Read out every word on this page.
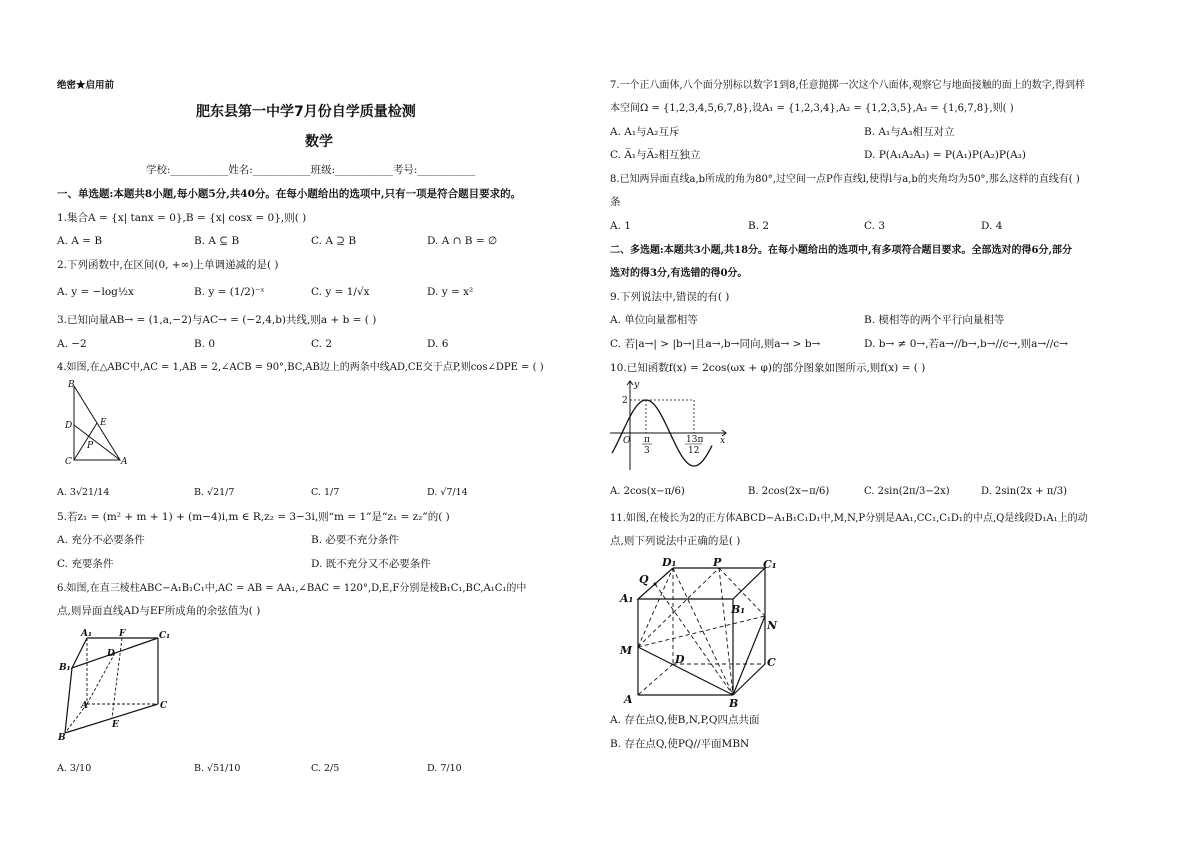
绝密★启用前
肥东县第一中学7月份自学质量检测
数学
学校:___________姓名:___________班级:___________考号:___________
一、单选题:本题共8小题,每小题5分,共40分。在每小题给出的选项中,只有一项是符合题目要求的。
1.集合A = {x| tanx = 0},B = {x| cosx = 0},则( )
A. A = B	B. A ⊆ B	C. A ⊇ B	D. A ∩ B = ∅
2.下列函数中,在区间(0, +∞)上单调递减的是( )
A. y = −log½x	B. y = (1/2)⁻ˣ	C. y = 1/√x	D. y = x²
3.已知向量AB→ = (1,a,−2)与AC→ = (−2,4,b)共线,则a + b = ( )
A. −2	B. 0	C. 2	D. 6
4.如图,在△ABC中,AC = 1,AB = 2,∠ACB = 90°,BC,AB边上的两条中线AD,CE交于点P,则cos∠DPE = ( )
B
D	E
P
C	A
A. 3√21/14	B. √21/7	C. 1/7	D. √7/14
5.若z₁ = (m² + m + 1) + (m−4)i,m ∈ R,z₂ = 3−3i,则“m = 1”是“z₁ = z₂”的( )
A. 充分不必要条件	B. 必要不充分条件
C. 充要条件	D. 既不充分又不必要条件
6.如图,在直三棱柱ABC−A₁B₁C₁中,AC = AB = AA₁,∠BAC = 120°,D,E,F分别是棱B₁C₁,BC,A₁C₁的中
点,则异面直线AD与EF所成角的余弦值为( )
A₁	F	C₁
B₁
D
A	C
E
B
A. 3/10	B. √51/10	C. 2/5	D. 7/10
7.一个正八面体,八个面分别标以数字1到8,任意抛掷一次这个八面体,观察它与地面接触的面上的数字,得到样
本空间Ω = {1,2,3,4,5,6,7,8},设A₁ = {1,2,3,4},A₂ = {1,2,3,5},A₃ = {1,6,7,8},则( )
A. A₁与A₂互斥	B. A₁与A₃相互对立
C. A̅₁与A̅₂相互独立	D. P(A₁A₂A₃) = P(A₁)P(A₂)P(A₃)
8.已知两异面直线a,b所成的角为80°,过空间一点P作直线l,使得l与a,b的夹角均为50°,那么这样的直线有( )
条
A. 1	B. 2	C. 3	D. 4
二、多选题:本题共3小题,共18分。在每小题给出的选项中,有多项符合题目要求。全部选对的得6分,部分
选对的得3分,有选错的得0分。
9.下列说法中,错误的有( )
A. 单位向量都相等	B. 模相等的两个平行向量相等
C. 若|a→| > |b→|且a→,b→同向,则a→ > b→	D. b→ ≠ 0→,若a→//b→,b→//c→,则a→//c→
10.已知函数f(x) = 2cos(ωx + φ)的部分图象如图所示,则f(x) = ( )
y
2
x
O π
3
13π
12
A. 2cos(x−π/6)	B. 2cos(2x−π/6)	C. 2sin(2π/3−2x)	D. 2sin(2x + π/3)
11.如图,在棱长为2的正方体ABCD−A₁B₁C₁D₁中,M,N,P分别是AA₁,CC₁,C₁D₁的中点,Q是线段D₁A₁上的动
点,则下列说法中正确的是( )
Q
D₁	P	C₁
A₁
B₁
N
M
D	C
A	B
A. 存在点Q,使B,N,P,Q四点共面
B. 存在点Q,使PQ//平面MBN
